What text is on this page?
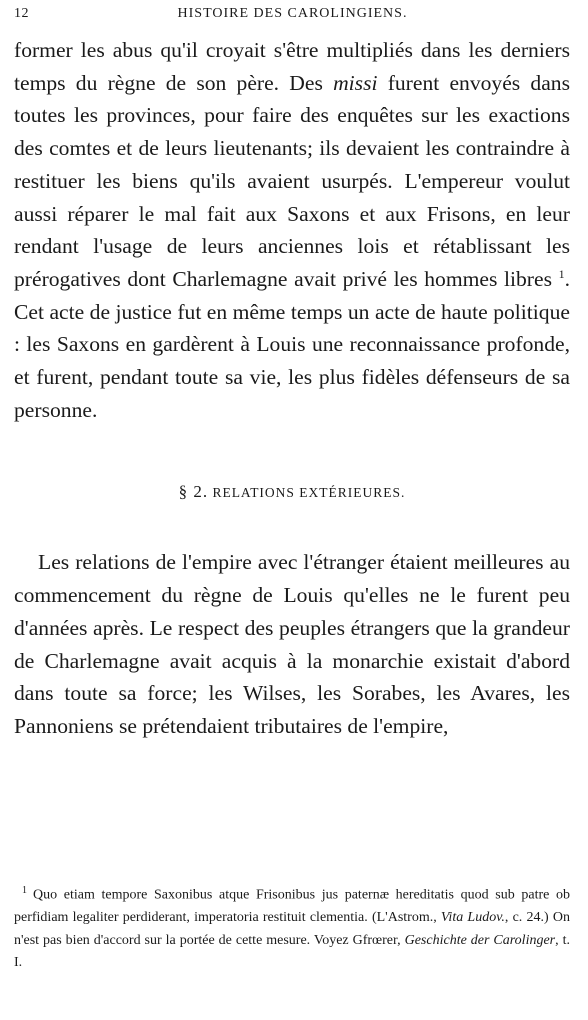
12	HISTOIRE DES CAROLINGIENS.

former les abus qu'il croyait s'être multipliés dans les derniers temps du règne de son père. Des missi furent envoyés dans toutes les provinces, pour faire des enquêtes sur les exactions des comtes et de leurs lieutenants; ils devaient les contraindre à restituer les biens qu'ils avaient usurpés. L'empereur voulut aussi réparer le mal fait aux Saxons et aux Frisons, en leur rendant l'usage de leurs anciennes lois et rétablissant les prérogatives dont Charlemagne avait privé les hommes libres $^1$. Cet acte de justice fut en même temps un acte de haute politique : les Saxons en gardèrent à Louis une reconnaissance profonde, et furent, pendant toute sa vie, les plus fidèles défenseurs de sa personne.

§ 2. RELATIONS EXTÉRIEURES.

Les relations de l'empire avec l'étranger étaient meilleures au commencement du règne de Louis qu'elles ne le furent peu d'années après. Le respect des peuples étrangers que la grandeur de Charlemagne avait acquis à la monarchie existait d'abord dans toute sa force; les Wilses, les Sorabes, les Avares, les Pannoniens se prétendaient tributaires de l'empire,

$^1$ Quo etiam tempore Saxonibus atque Frisonibus jus paternæ hereditatis quod sub patre ob perfidiam legaliter perdiderant, imperatoria restituit clementia. (L'Astrom., Vita Ludov., c. 24.) On n'est pas bien d'accord sur la portée de cette mesure. Voyez Gfrœrer, Geschichte der Carolinger, t. I.
